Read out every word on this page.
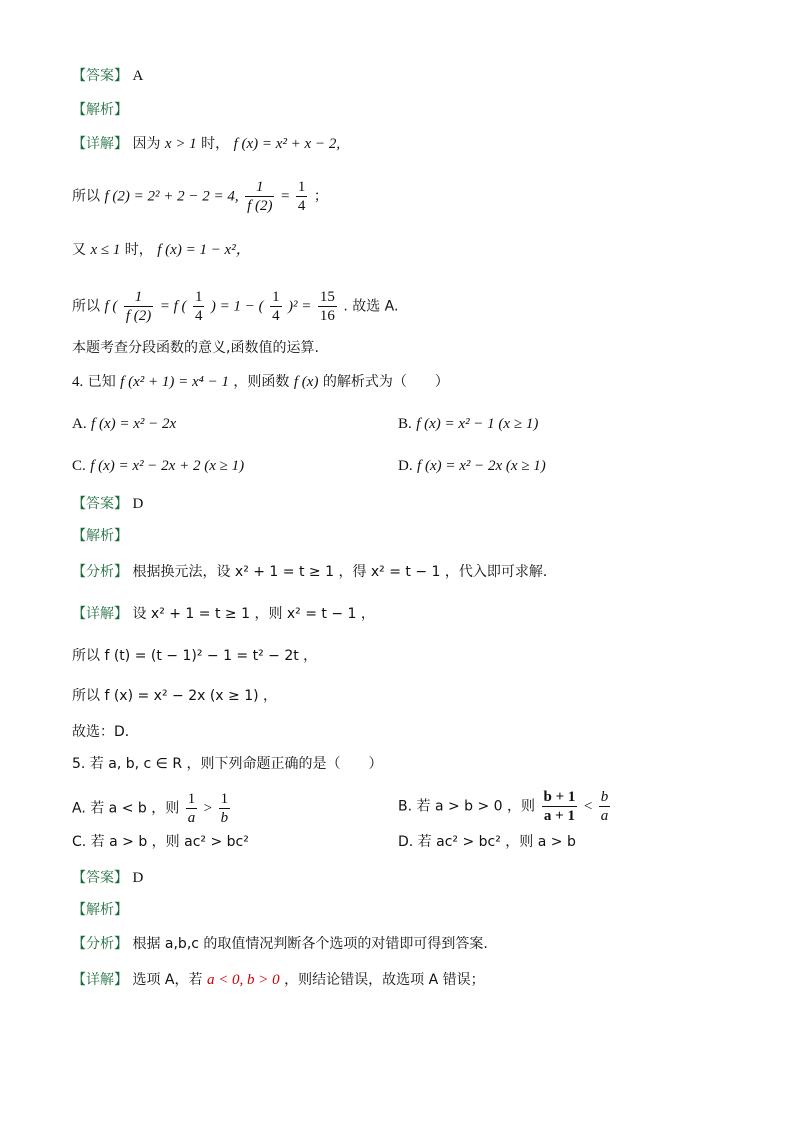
【答案】 A
【解析】
【详解】 因为 x > 1 时， f (x) = x² + x − 2,
所以 f (2) = 2² + 2 − 2 = 4, $\frac{1}{f (2)} = \frac{1}{4}$ ；
又 x ≤ 1 时， f (x) = 1 − x²，
所以 f ( $\frac{1}{f (2)} = f$ ( $\frac{1}{4}$ ) = 1 − ( $\frac{1}{4} )^2 = \frac{15}{16}$ . 故选 A.
本题考查分段函数的意义,函数值的运算.
4. 已知 f (x² + 1) = x⁴ − 1 ，则函数 f (x) 的解析式为（　　）
A. f (x) = x² − 2x	B. f (x) = x² − 1 (x ≥ 1)
C. f (x) = x² − 2x + 2 (x ≥ 1)	D. f (x) = x² − 2x (x ≥ 1)
【答案】 D
【解析】
【分析】 根据换元法，设 x² + 1 = t ≥ 1 ，得 x² = t − 1 ，代入即可求解．
【详解】 设 x² + 1 = t ≥ 1 ，则 x² = t − 1 ，
所以 f (t) = (t − 1)² − 1 = t² − 2t ，
所以 f (x) = x² − 2x (x ≥ 1) ，
故选：D．
5. 若 a, b, c ∈ R ，则下列命题正确的是（　　）
A. 若 a < b ，则 $\frac{1}{a} > \frac{1}{b}$	B. 若 a > b > 0 ，则 $\frac{b + 1}{a + 1} < \frac{b}{a}$
C. 若 a > b ，则 ac² > bc²	D. 若 ac² > bc² ，则 a > b
【答案】 D
【解析】
【分析】 根据 a,b,c 的取值情况判断各个选项的对错即可得到答案.
【详解】 选项 A，若 a < 0, b > 0 ，则结论错误，故选项 A 错误；
